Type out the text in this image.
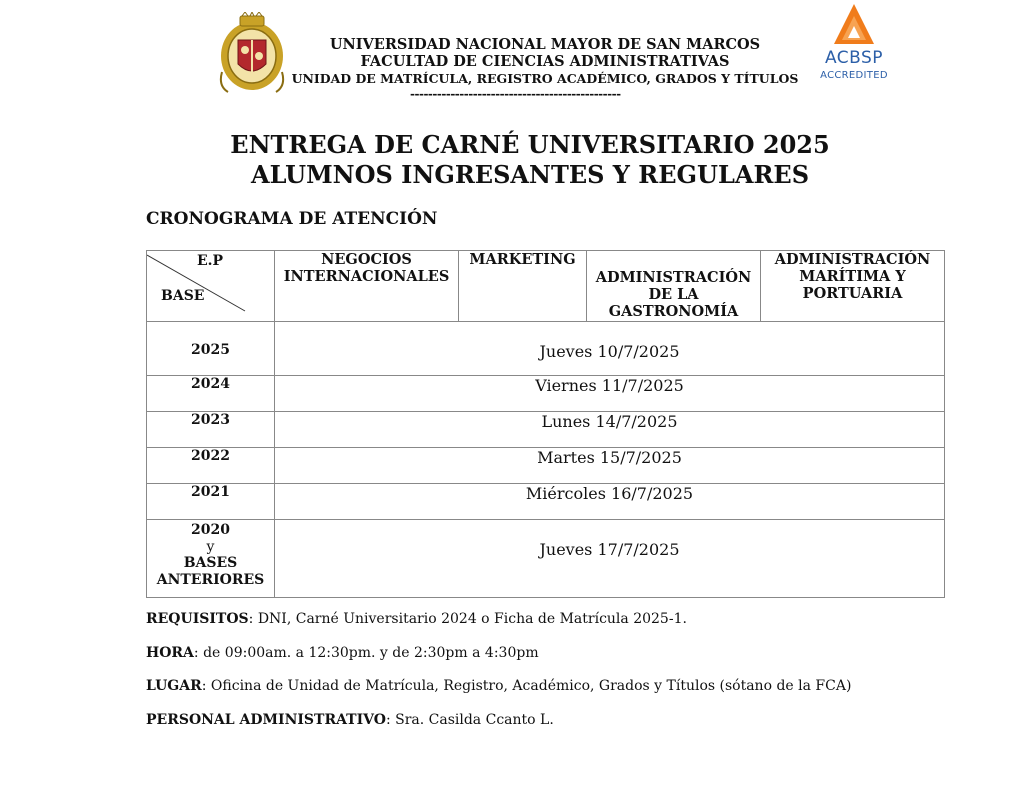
ACBSP
ACCREDITED
UNIVERSIDAD NACIONAL MAYOR DE SAN MARCOS
FACULTAD DE CIENCIAS ADMINISTRATIVAS
UNIDAD DE MATRÍCULA, REGISTRO ACADÉMICO, GRADOS Y TÍTULOS
-----------------------------------------------
ENTREGA DE CARNÉ UNIVERSITARIO 2025
ALUMNOS INGRESANTES Y REGULARES
CRONOGRAMA DE ATENCIÓN
E.P
BASE	NEGOCIOS INTERNACIONALES	MARKETING	ADMINISTRACIÓN DE LA GASTRONOMÍA	ADMINISTRACIÓN MARÍTIMA Y PORTUARIA
2025	Jueves 10/7/2025			
2024	Viernes 11/7/2025			
2023	Lunes 14/7/2025			
2022	Martes 15/7/2025			
2021	Miércoles 16/7/2025			

2020
y
BASES
ANTERIORES	Jueves 17/7/2025			
REQUISITOS: DNI, Carné Universitario 2024 o Ficha de Matrícula 2025-1.
HORA: de 09:00am. a 12:30pm. y de 2:30pm a 4:30pm
LUGAR: Oficina de Unidad de Matrícula, Registro, Académico, Grados y Títulos (sótano de la FCA)
PERSONAL ADMINISTRATIVO: Sra. Casilda Ccanto L.
